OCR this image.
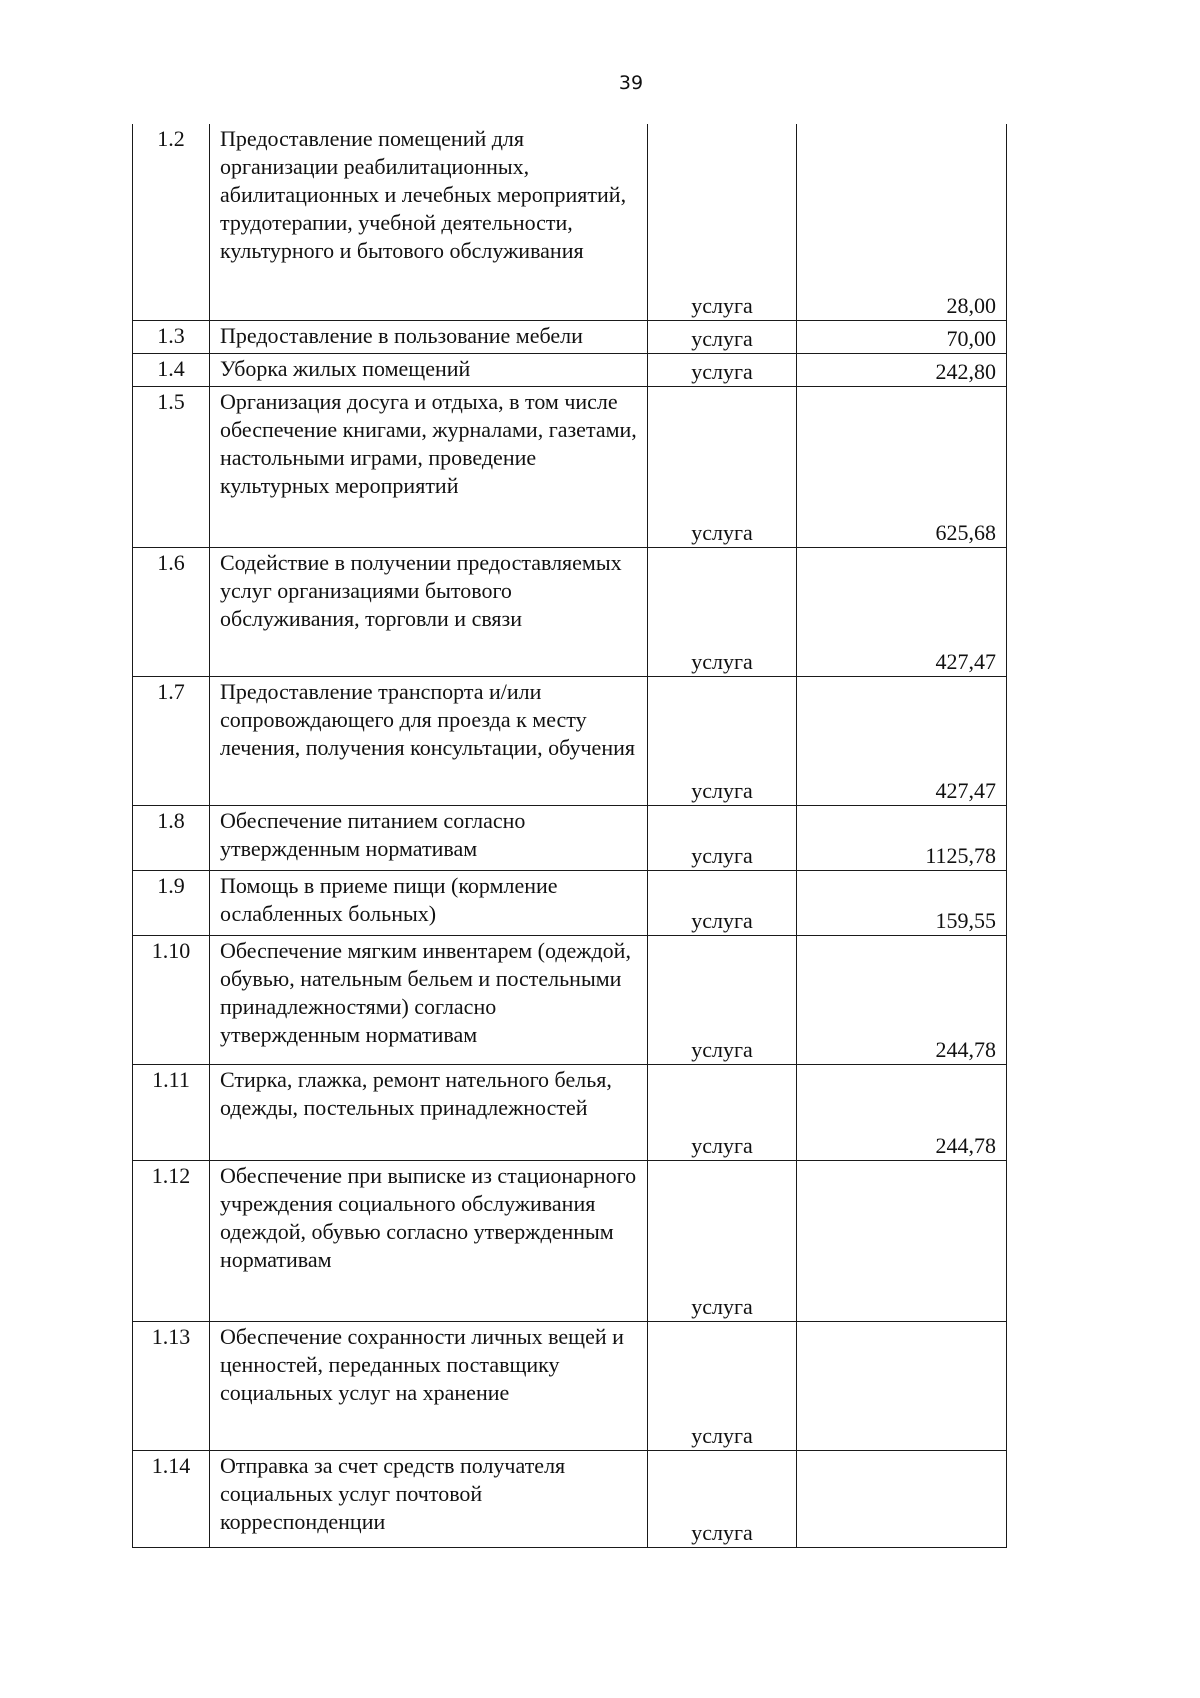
39
1.2	Предоставление помещений для организации реабилитационных, абилитационных и лечебных мероприятий, трудотерапии, учебной деятельности, культурного и бытового обслуживания	услуга	28,00
1.3	Предоставление в пользование мебели	услуга	70,00
1.4	Уборка жилых помещений	услуга	242,80
1.5	Организация досуга и отдыха, в том числе обеспечение книгами, журналами, газетами, настольными играми, проведение культурных мероприятий	услуга	625,68
1.6	Содействие в получении предоставляемых услуг организациями бытового обслуживания, торговли и связи	услуга	427,47
1.7	Предоставление транспорта и/или сопровождающего для проезда к месту лечения, получения консультации, обучения	услуга	427,47
1.8	Обеспечение питанием согласно утвержденным нормативам	услуга	1125,78
1.9	Помощь в приеме пищи (кормление ослабленных больных)	услуга	159,55
1.10	Обеспечение мягким инвентарем (одеждой, обувью, нательным бельем и постельными принадлежностями) согласно утвержденным нормативам	услуга	244,78
1.11	Стирка, глажка, ремонт нательного белья, одежды, постельных принадлежностей	услуга	244,78
1.12	Обеспечение при выписке из стационарного учреждения социального обслуживания одеждой, обувью согласно утвержденным нормативам	услуга	
1.13	Обеспечение сохранности личных вещей и ценностей, переданных поставщику социальных услуг на хранение	услуга	
1.14	Отправка за счет средств получателя социальных услуг почтовой корреспонденции	услуга	
